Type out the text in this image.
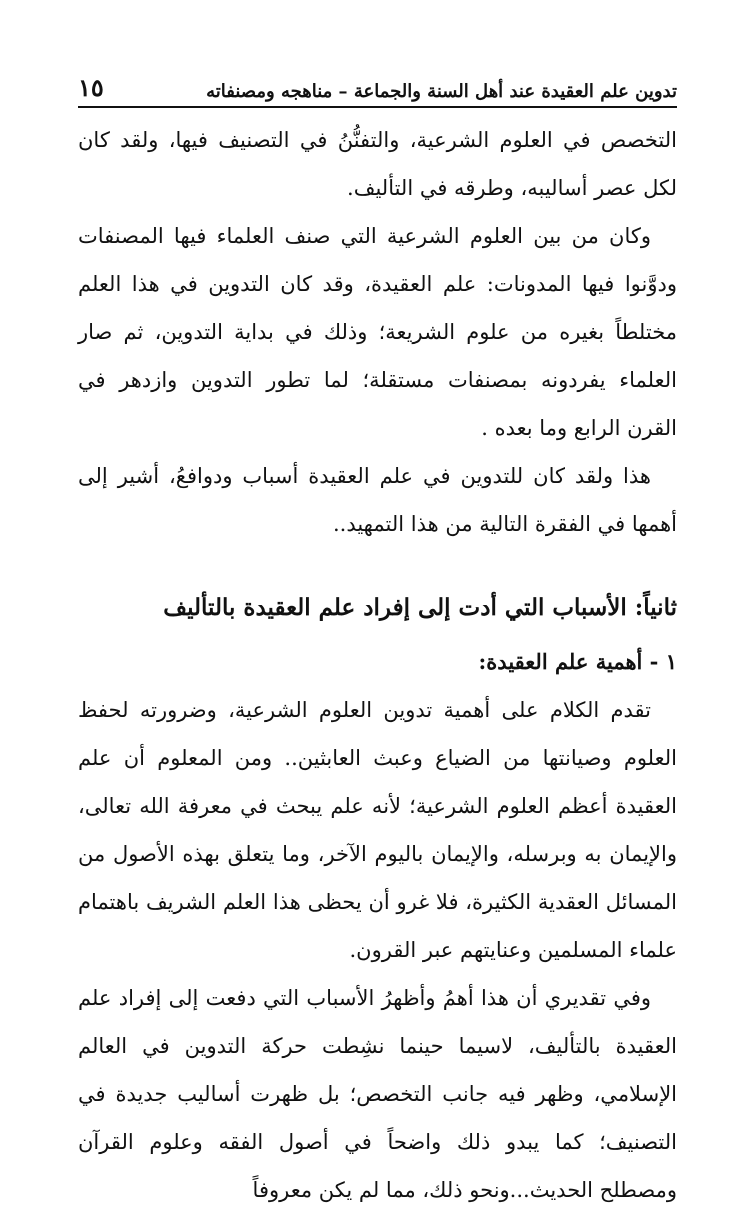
تدوين علم العقيدة عند أهل السنة والجماعة – مناهجه ومصنفاته
١٥

التخصص في العلوم الشرعية، والتفنُّنُ في التصنيف فيها، ولقد كان لكل عصر أساليبه، وطرقه في التأليف.

وكان من بين العلوم الشرعية التي صنف العلماء فيها المصنفات ودوَّنوا فيها المدونات: علم العقيدة، وقد كان التدوين في هذا العلم مختلطاً بغيره من علوم الشريعة؛ وذلك في بداية التدوين، ثم صار العلماء يفردونه بمصنفات مستقلة؛ لما تطور التدوين وازدهر في القرن الرابع وما بعده .

هذا ولقد كان للتدوين في علم العقيدة أسباب ودوافعُ، أشير إلى أهمها في الفقرة التالية من هذا التمهيد..

ثانياً: الأسباب التي أدت إلى إفراد علم العقيدة بالتأليف
١ - أهمية علم العقيدة:

تقدم الكلام على أهمية تدوين العلوم الشرعية، وضرورته لحفظ العلوم وصيانتها من الضياع وعبث العابثين.. ومن المعلوم أن علم العقيدة أعظم العلوم الشرعية؛ لأنه علم يبحث في معرفة الله تعالى، والإيمان به وبرسله، والإيمان باليوم الآخر، وما يتعلق بهذه الأصول من المسائل العقدية الكثيرة، فلا غرو أن يحظى هذا العلم الشريف باهتمام علماء المسلمين وعنايتهم عبر القرون.

وفي تقديري أن هذا أهمُ وأظهرُ الأسباب التي دفعت إلى إفراد علم العقيدة بالتأليف، لاسيما حينما نشِطت حركة التدوين في العالم الإسلامي، وظهر فيه جانب التخصص؛ بل ظهرت أساليب جديدة في التصنيف؛ كما يبدو ذلك واضحاً في أصول الفقه وعلوم القرآن ومصطلح الحديث...ونحو ذلك، مما لم يكن معروفاً
